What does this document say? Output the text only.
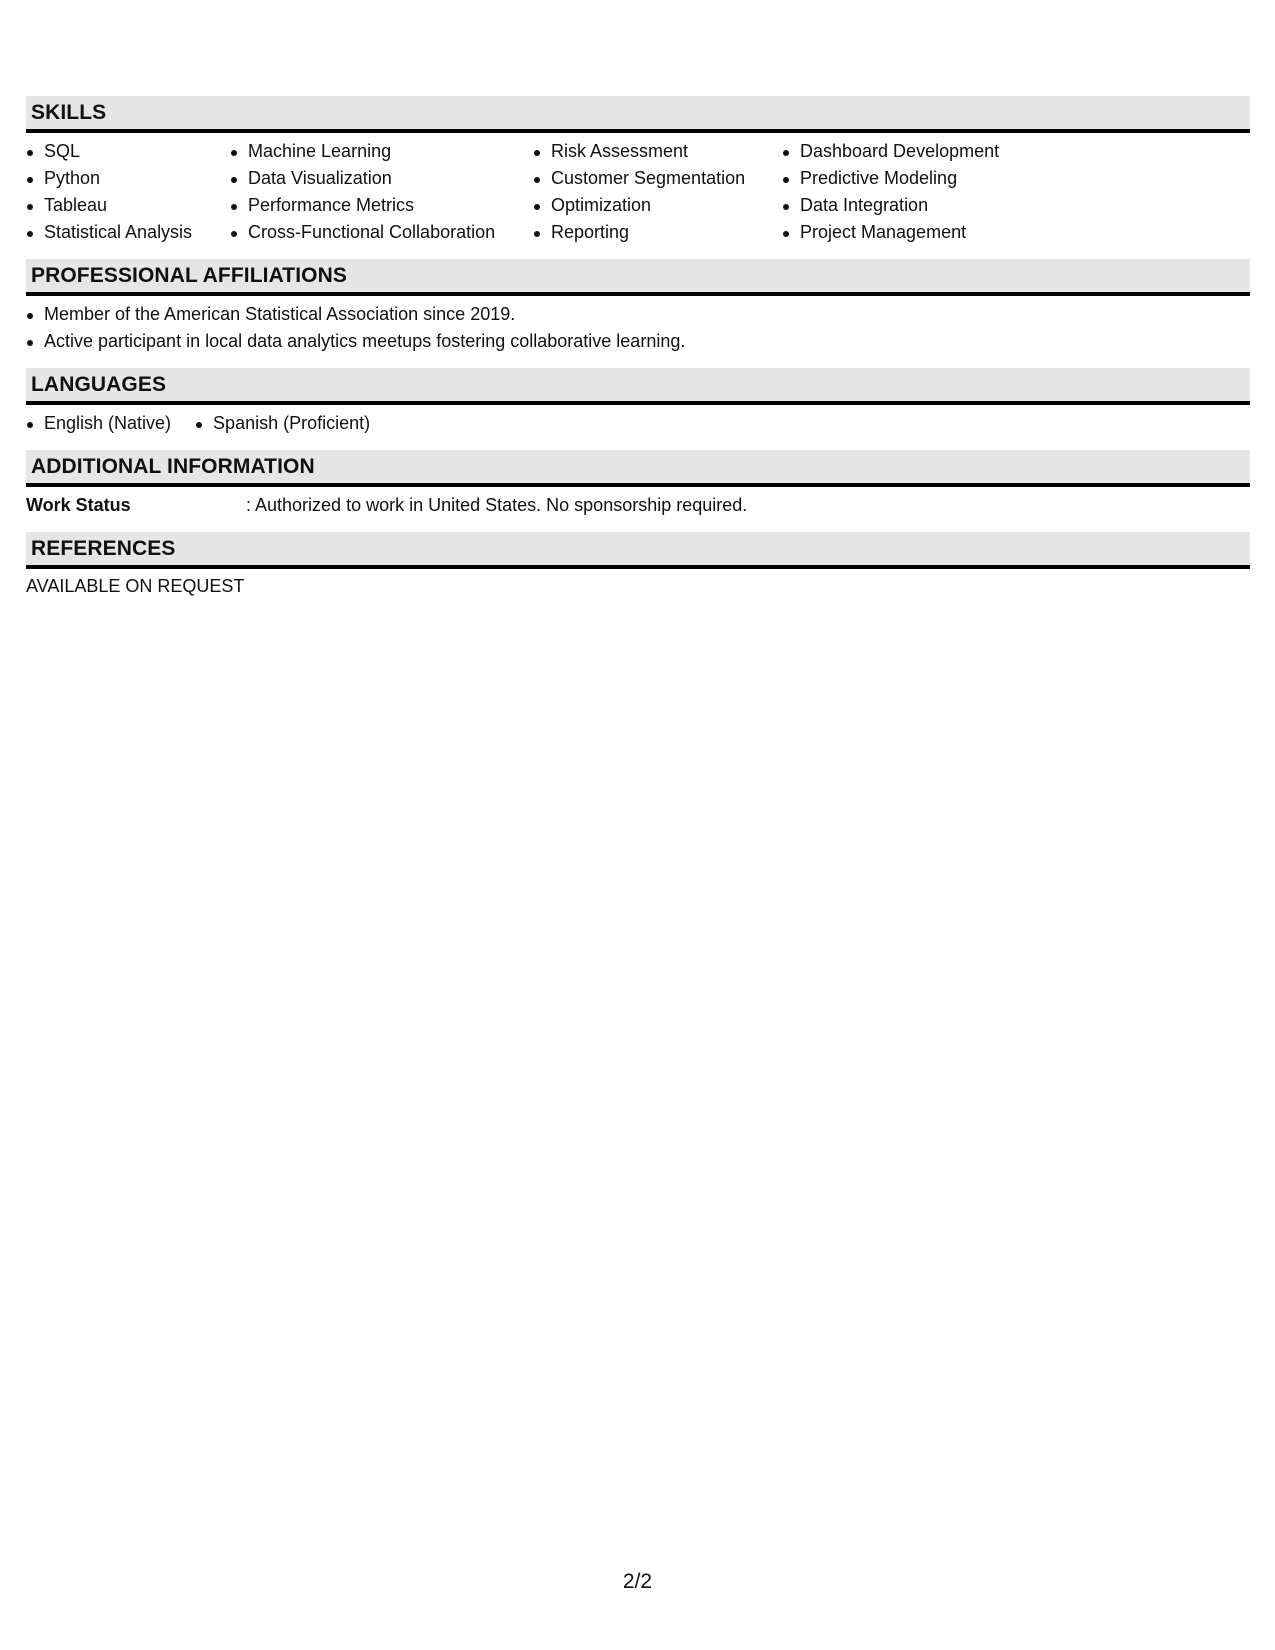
SKILLS
SQL
Python
Tableau
Statistical Analysis
Machine Learning
Data Visualization
Performance Metrics
Cross-Functional Collaboration
Risk Assessment
Customer Segmentation
Optimization
Reporting
Dashboard Development
Predictive Modeling
Data Integration
Project Management
PROFESSIONAL AFFILIATIONS
Member of the American Statistical Association since 2019.
Active participant in local data analytics meetups fostering collaborative learning.
LANGUAGES
English (Native)	Spanish (Proficient)
ADDITIONAL INFORMATION
Work Status	: Authorized to work in United States. No sponsorship required.
REFERENCES
AVAILABLE ON REQUEST
2/2
